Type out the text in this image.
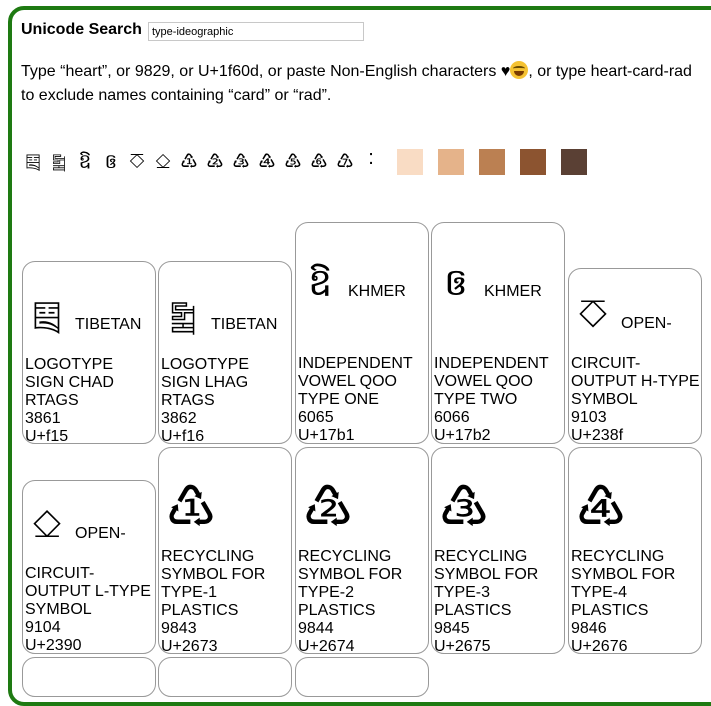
Unicode Search
type-ideographic
Type “heart”, or 9829, or U+1f60d, or paste Non-English characters ♥ , or type heart-card-rad to exclude names containing “card” or “rad”.
༕ ༖ ឱ ឲ ⎏ ⎐ ♳ ♴ ♵ ♶ ♷ ♸ ♹ ˸
༕ TIBETAN
LOGOTYPE SIGN CHAD RTAGS
3861
U+f15
༖ TIBETAN
LOGOTYPE SIGN LHAG RTAGS
3862
U+f16
ឱ KHMER
INDEPENDENT VOWEL QOO TYPE ONE
6065
U+17b1
ឲ KHMER
INDEPENDENT VOWEL QOO TYPE TWO
6066
U+17b2
⎏ OPEN-
CIRCUIT-OUTPUT H-TYPE SYMBOL
9103
U+238f
⎐ OPEN-
CIRCUIT-OUTPUT L-TYPE SYMBOL
9104
U+2390
♳
RECYCLING SYMBOL FOR TYPE-1 PLASTICS
9843
U+2673
♴
RECYCLING SYMBOL FOR TYPE-2 PLASTICS
9844
U+2674
♵
RECYCLING SYMBOL FOR TYPE-3 PLASTICS
9845
U+2675
♶
RECYCLING SYMBOL FOR TYPE-4 PLASTICS
9846
U+2676
